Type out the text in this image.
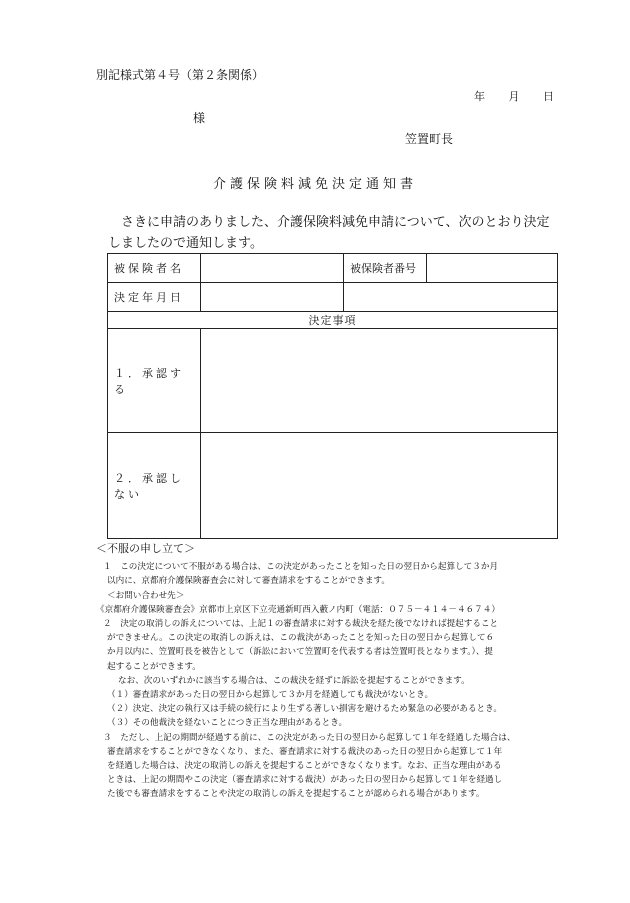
別記様式第４号（第２条関係）
年 月 日
様
笠置町長
介護保険料減免決定通知書
さきに申請のありました、介護保険料減免申請について、次のとおり決定しましたので通知します。
被保険者名		被保険者番号	
決定年月日			
決定事項			
１．承認する			
２．承認しない			
＜不服の申し立て＞
１　この決定について不服がある場合は、この決定があったことを知った日の翌日から起算して３か月
以内に、京都府介護保険審査会に対して審査請求をすることができます。
＜お問い合わせ先＞
《京都府介護保険審査会》京都市上京区下立売通新町西入藪ノ内町（電話：０７５－４１４－４６７４）
２　決定の取消しの訴えについては、上記１の審査請求に対する裁決を経た後でなければ提起すること
ができません。この決定の取消しの訴えは、この裁決があったことを知った日の翌日から起算して６
か月以内に、笠置町長を被告として（訴訟において笠置町を代表する者は笠置町長となります。）、提
起することができます。
なお、次のいずれかに該当する場合は、この裁決を経ずに訴訟を提起することができます。
（１）審査請求があった日の翌日から起算して３か月を経過しても裁決がないとき。
（２）決定、決定の執行又は手続の続行により生ずる著しい損害を避けるため緊急の必要があるとき。
（３）その他裁決を経ないことにつき正当な理由があるとき。
３　ただし、上記の期間が経過する前に、この決定があった日の翌日から起算して１年を経過した場合は、
審査請求をすることができなくなり、また、審査請求に対する裁決のあった日の翌日から起算して１年
を経過した場合は、決定の取消しの訴えを提起することができなくなります。なお、正当な理由がある
ときは、上記の期間やこの決定（審査請求に対する裁決）があった日の翌日から起算して１年を経過し
た後でも審査請求をすることや決定の取消しの訴えを提起することが認められる場合があります。
